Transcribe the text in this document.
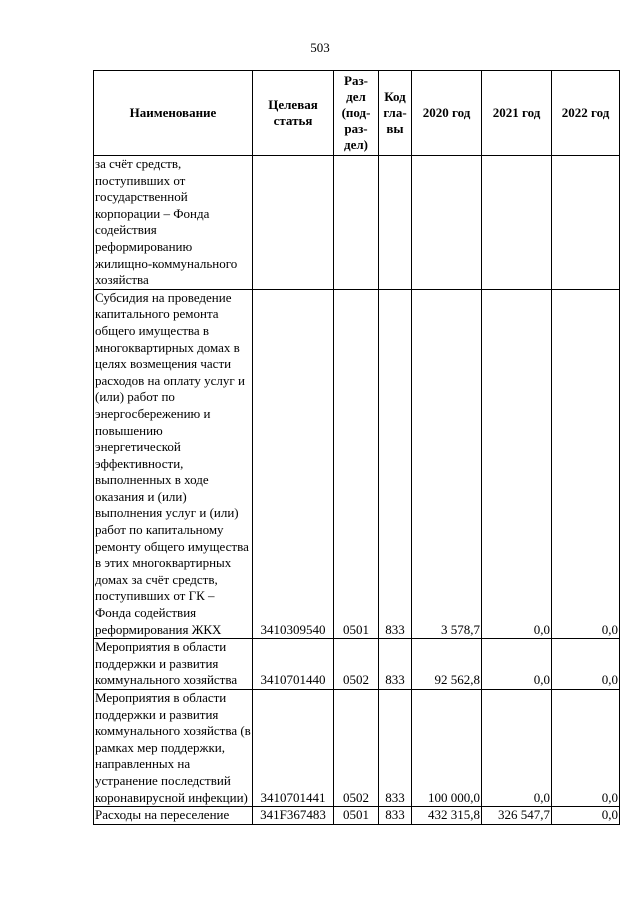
503
Наименование	Целевая статья	Раз- дел (под- раз- дел)	Код гла- вы	2020 год	2021 год	2022 год
за счёт средств, поступивших от государственной корпорации – Фонда содействия реформированию жилищно-коммунального хозяйства						
Субсидия на проведение капитального ремонта общего имущества в многоквартирных домах в целях возмещения части расходов на оплату услуг и (или) работ по энергосбережению и повышению энергетической эффективности, выполненных в ходе оказания и (или) выполнения услуг и (или) работ по капитальному ремонту общего имущества в этих многоквартирных домах за счёт средств, поступивших от ГК – Фонда содействия реформирования ЖКХ	3410309540	0501	833	3 578,7	0,0	0,0
Мероприятия в области поддержки и развития коммунального хозяйства	3410701440	0502	833	92 562,8	0,0	0,0
Мероприятия в области поддержки и развития коммунального хозяйства (в рамках мер поддержки, направленных на устранение последствий коронавирусной инфекции)	3410701441	0502	833	100 000,0	0,0	0,0
Расходы на переселение	341F367483	0501	833	432 315,8	326 547,7	0,0
